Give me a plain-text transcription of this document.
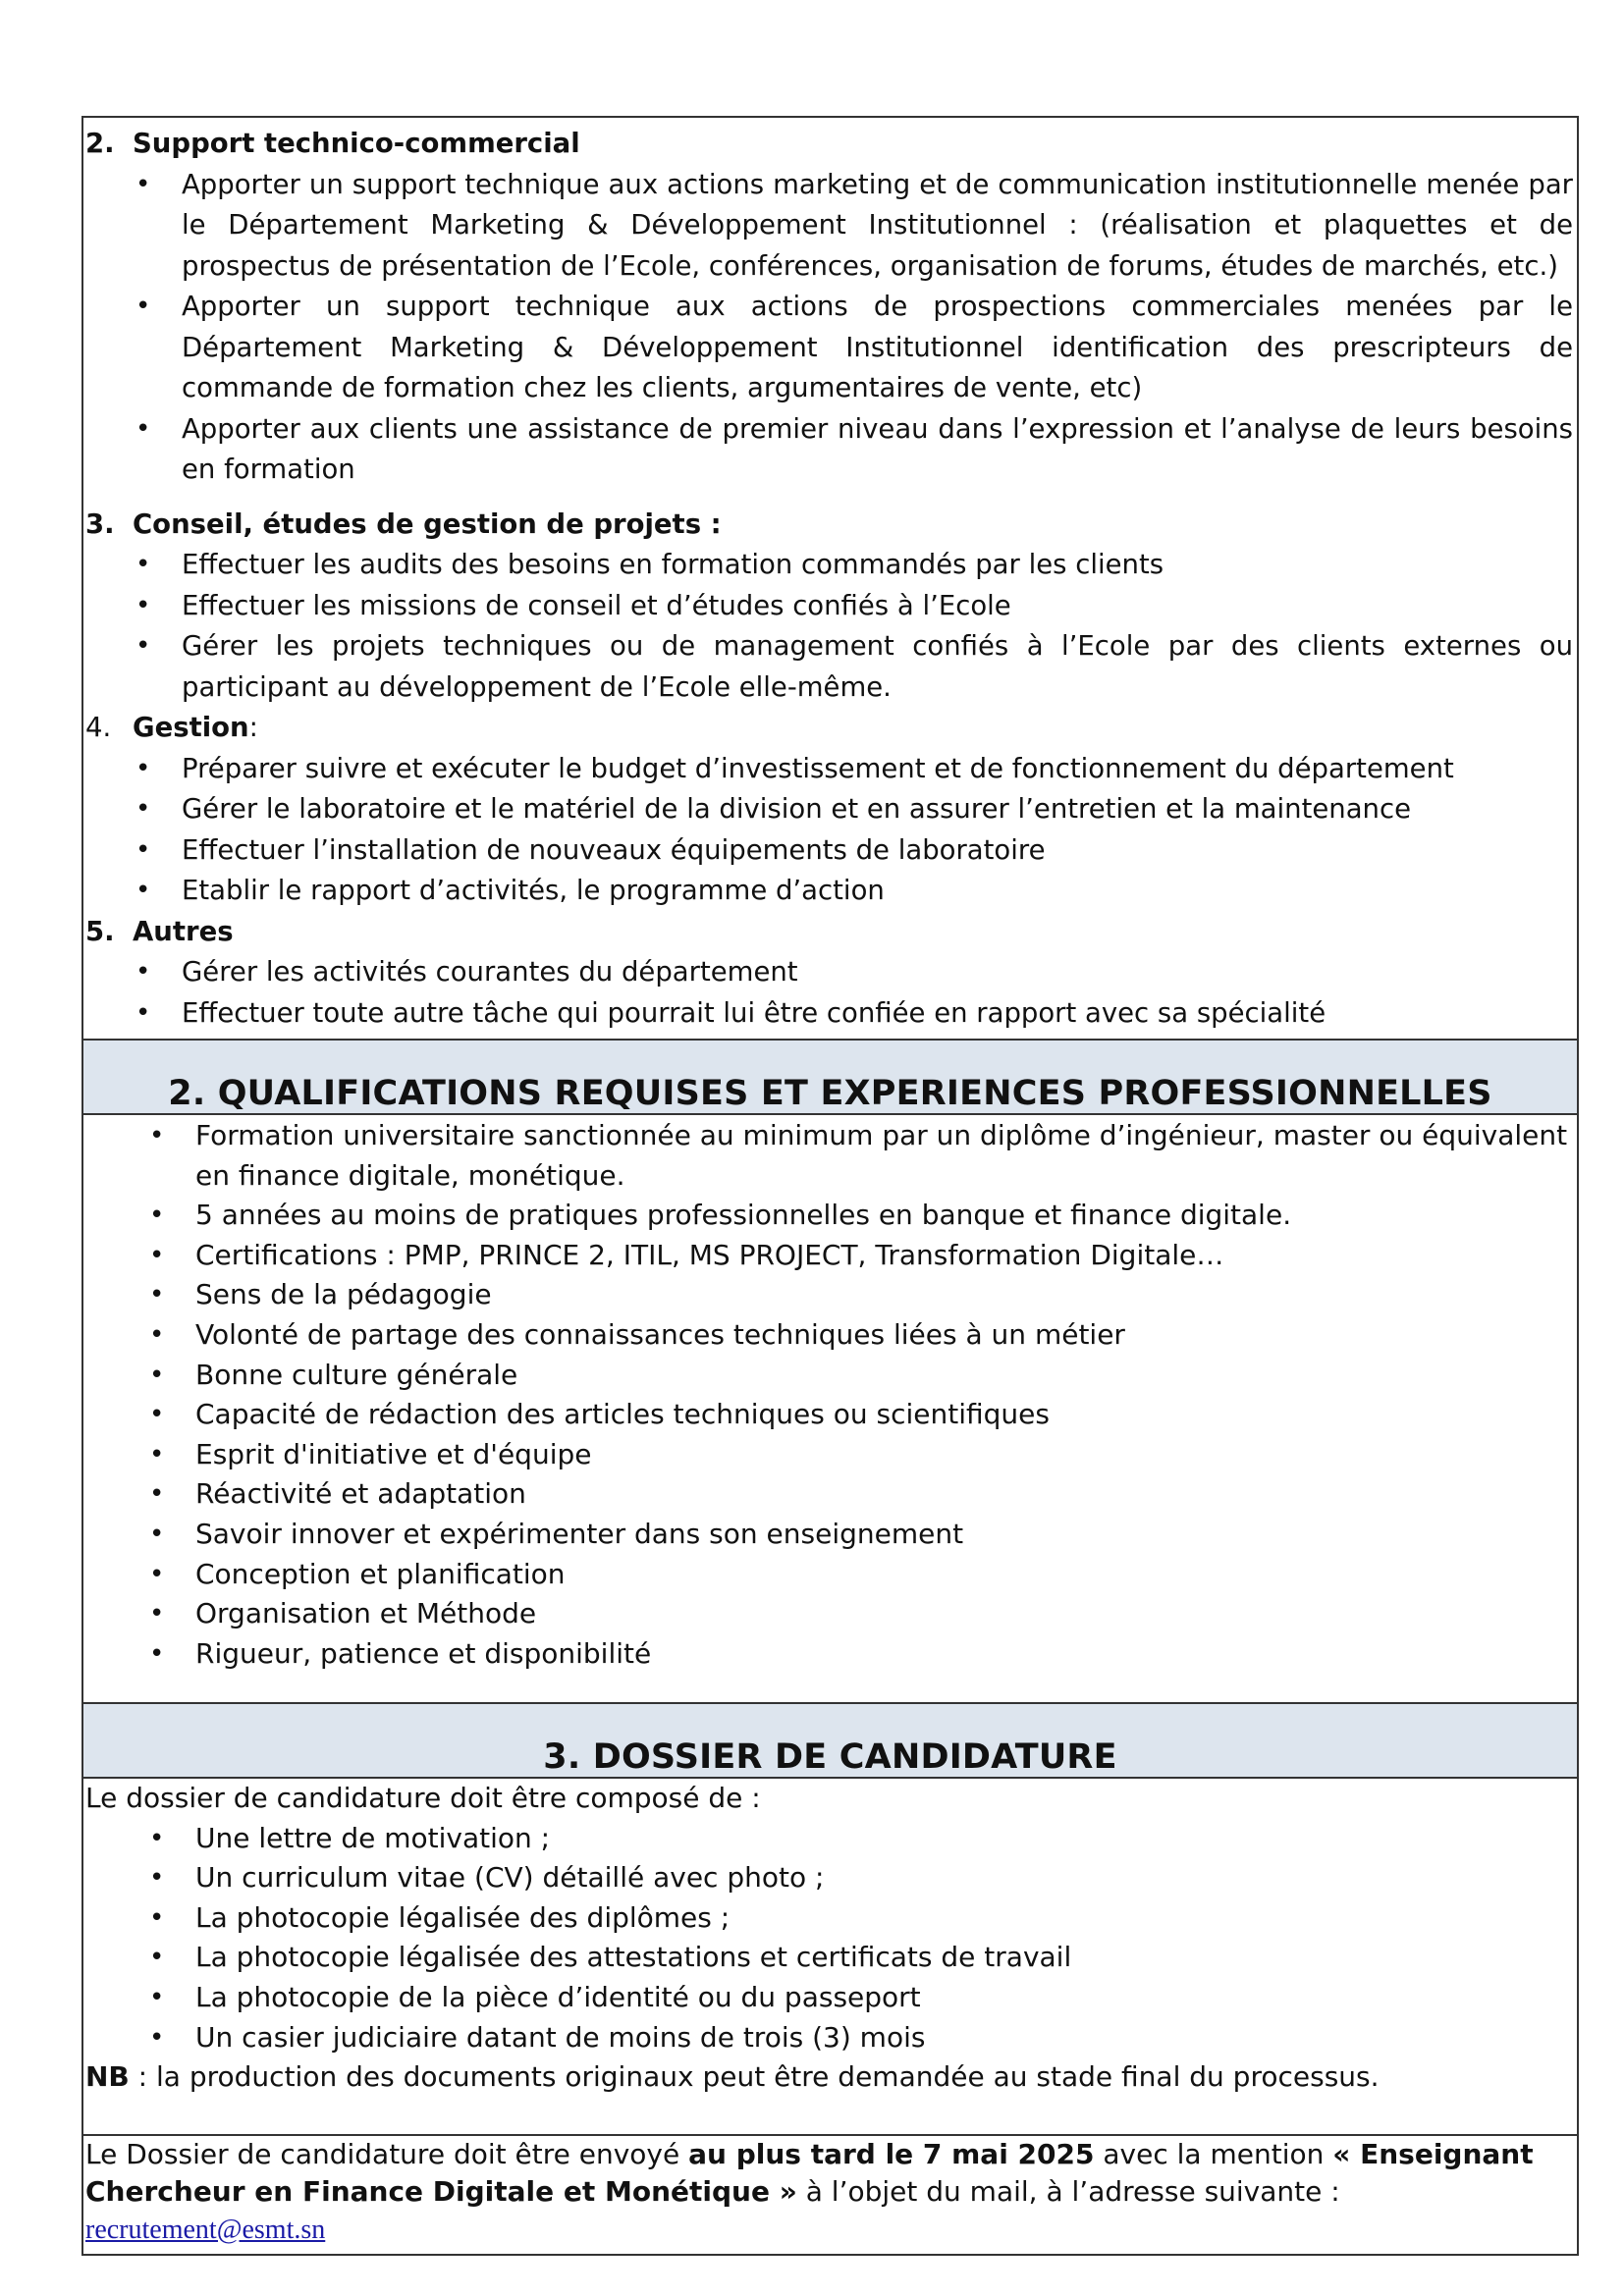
2. Support technico-commercial
• Apporter un support technique aux actions marketing et de communication institutionnelle menée par le Département Marketing & Développement Institutionnel : (réalisation et plaquettes et de prospectus de présentation de l’Ecole, conférences, organisation de forums, études de marchés, etc.)
• Apporter un support technique aux actions de prospections commerciales menées par le Département Marketing & Développement Institutionnel identification des prescripteurs de commande de formation chez les clients, argumentaires de vente, etc)
• Apporter aux clients une assistance de premier niveau dans l’expression et l’analyse de leurs besoins en formation
3. Conseil, études de gestion de projets :
• Effectuer les audits des besoins en formation commandés par les clients
• Effectuer les missions de conseil et d’études confiés à l’Ecole
• Gérer les projets techniques ou de management confiés à l’Ecole par des clients externes ou participant au développement de l’Ecole elle-même.
4. Gestion :
• Préparer suivre et exécuter le budget d’investissement et de fonctionnement du département
• Gérer le laboratoire et le matériel de la division et en assurer l’entretien et la maintenance
• Effectuer l’installation de nouveaux équipements de laboratoire
• Etablir le rapport d’activités, le programme d’action
5. Autres
• Gérer les activités courantes du département
• Effectuer toute autre tâche qui pourrait lui être confiée en rapport avec sa spécialité
2. QUALIFICATIONS REQUISES ET EXPERIENCES PROFESSIONNELLES
• Formation universitaire sanctionnée au minimum par un diplôme d’ingénieur, master ou équivalent en finance digitale, monétique.
• 5 années au moins de pratiques professionnelles en banque et finance digitale.
• Certifications : PMP, PRINCE 2, ITIL, MS PROJECT, Transformation Digitale…
• Sens de la pédagogie
• Volonté de partage des connaissances techniques liées à un métier
• Bonne culture générale
• Capacité de rédaction des articles techniques ou scientifiques
• Esprit d'initiative et d'équipe
• Réactivité et adaptation
• Savoir innover et expérimenter dans son enseignement
• Conception et planification
• Organisation et Méthode
• Rigueur, patience et disponibilité
3. DOSSIER DE CANDIDATURE

Le dossier de candidature doit être composé de :

• Une lettre de motivation ;
• Un curriculum vitae (CV) détaillé avec photo ;
• La photocopie légalisée des diplômes ;
• La photocopie légalisée des attestations et certificats de travail
• La photocopie de la pièce d’identité ou du passeport
• Un casier judiciaire datant de moins de trois (3) mois

NB : la production des documents originaux peut être demandée au stade final du processus.

Le Dossier de candidature doit être envoyé au plus tard le 7 mai 2025 avec la mention « Enseignant Chercheur en Finance Digitale et Monétique » à l’objet du mail, à l’adresse suivante : recrutement@esmt.sn
